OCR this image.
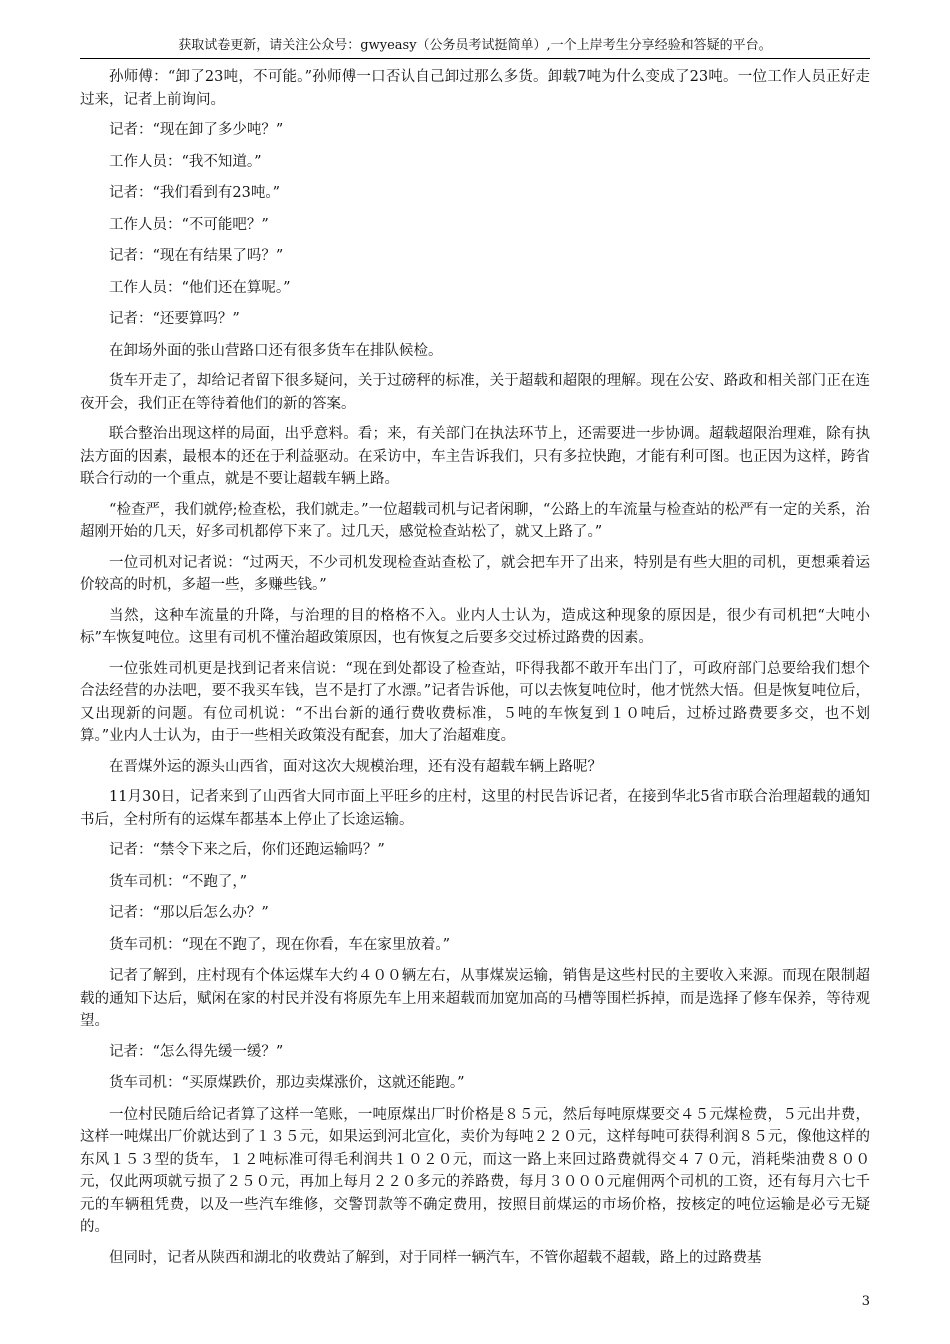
获取试卷更新，请关注公众号：gwyeasy（公务员考试挺简单）,一个上岸考生分享经验和答疑的平台。

孙师傅：“卸了23吨，不可能。”孙师傅一口否认自己卸过那么多货。卸载7吨为什么变成了23吨。一位工作人员正好走过来，记者上前询问。

记者：“现在卸了多少吨？”

工作人员：“我不知道。”

记者：“我们看到有23吨。”

工作人员：“不可能吧？”

记者：“现在有结果了吗？”

工作人员：“他们还在算呢。”

记者：“还要算吗？”

在卸场外面的张山营路口还有很多货车在排队候检。

货车开走了，却给记者留下很多疑问，关于过磅秤的标准，关于超载和超限的理解。现在公安、路政和相关部门正在连夜开会，我们正在等待着他们的新的答案。

联合整治出现这样的局面，出乎意料。看；来，有关部门在执法环节上，还需要进一步协调。超载超限治理难，除有执法方面的因素，最根本的还在于利益驱动。在采访中，车主告诉我们，只有多拉快跑，才能有利可图。也正因为这样，跨省联合行动的一个重点，就是不要让超载车辆上路。

“检查严，我们就停;检查松，我们就走。”一位超载司机与记者闲聊，“公路上的车流量与检查站的松严有一定的关系，治超刚开始的几天，好多司机都停下来了。过几天，感觉检查站松了，就又上路了。”

一位司机对记者说：“过两天，不少司机发现检查站查松了，就会把车开了出来，特别是有些大胆的司机，更想乘着运价较高的时机，多超一些，多赚些钱。”

当然，这种车流量的升降，与治理的目的格格不入。业内人士认为，造成这种现象的原因是，很少有司机把“大吨小标”车恢复吨位。这里有司机不懂治超政策原因，也有恢复之后要多交过桥过路费的因素。

一位张姓司机更是找到记者来信说：“现在到处都设了检查站，吓得我都不敢开车出门了，可政府部门总要给我们想个合法经营的办法吧，要不我买车钱，岂不是打了水漂。”记者告诉他，可以去恢复吨位时，他才恍然大悟。但是恢复吨位后，又出现新的问题。有位司机说：“不出台新的通行费收费标准，５吨的车恢复到１０吨后，过桥过路费要多交，也不划算。”业内人士认为，由于一些相关政策没有配套，加大了治超难度。

在晋煤外运的源头山西省，面对这次大规模治理，还有没有超载车辆上路呢？

11月30日，记者来到了山西省大同市面上平旺乡的庄村，这里的村民告诉记者，在接到华北5省市联合治理超载的通知书后，全村所有的运煤车都基本上停止了长途运输。

记者：“禁令下来之后，你们还跑运输吗？”

货车司机：“不跑了，”

记者：“那以后怎么办？”

货车司机：“现在不跑了，现在你看，车在家里放着。”

记者了解到，庄村现有个体运煤车大约４００辆左右，从事煤炭运输，销售是这些村民的主要收入来源。而现在限制超载的通知下达后，赋闲在家的村民并没有将原先车上用来超载而加宽加高的马槽等围栏拆掉，而是选择了修车保养，等待观望。

记者：“怎么得先缓一缓？”

货车司机：“买原煤跌价，那边卖煤涨价，这就还能跑。”

一位村民随后给记者算了这样一笔账，一吨原煤出厂时价格是８５元，然后每吨原煤要交４５元煤检费，５元出井费，这样一吨煤出厂价就达到了１３５元，如果运到河北宣化，卖价为每吨２２０元，这样每吨可获得利润８５元，像他这样的东风１５３型的货车，１２吨标准可得毛利润共１０２０元，而这一路上来回过路费就得交４７０元，消耗柴油费８００元，仅此两项就亏损了２５０元，再加上每月２２０多元的养路费，每月３０００元雇佣两个司机的工资，还有每月六七千元的车辆租凭费，以及一些汽车维修，交警罚款等不确定费用，按照目前煤运的市场价格，按核定的吨位运输是必亏无疑的。

但同时，记者从陕西和湖北的收费站了解到，对于同样一辆汽车，不管你超载不超载，路上的过路费基

3
